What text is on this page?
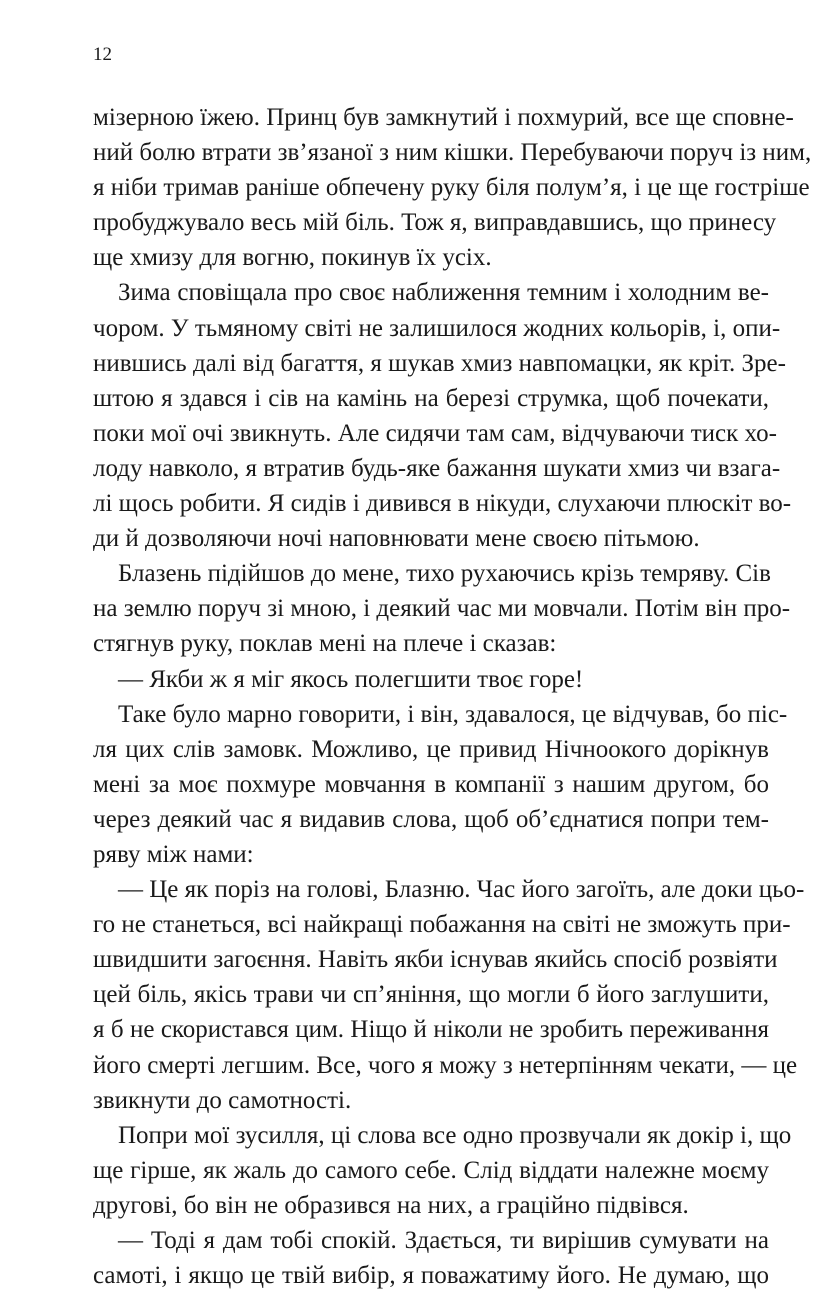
12
мізерною їжею. Принц був замкнутий і похмурий, все ще сповне-
ний болю втрати зв’язаної з ним кішки. Перебуваючи поруч із ним,
я ніби тримав раніше обпечену руку біля полум’я, і це ще гостріше
пробуджувало весь мій біль. Тож я, виправдавшись, що принесу
ще хмизу для вогню, покинув їх усіх.
Зима сповіщала про своє наближення темним і холодним ве-
чором. У тьмяному світі не залишилося жодних кольорів, і, опи-
нившись далі від багаття, я шукав хмиз навпомацки, як кріт. Зре-
штою я здався і сів на камінь на березі струмка, щоб почекати,
поки мої очі звикнуть. Але сидячи там сам, відчуваючи тиск хо-
лоду навколо, я втратив будь-яке бажання шукати хмиз чи взага-
лі щось робити. Я сидів і дивився в нікуди, слухаючи плюскіт во-
ди й дозволяючи ночі наповнювати мене своєю пітьмою.
Блазень підійшов до мене, тихо рухаючись крізь темряву. Сів
на землю поруч зі мною, і деякий час ми мовчали. Потім він про-
стягнув руку, поклав мені на плече і сказав:
— Якби ж я міг якось полегшити твоє горе!
Таке було марно говорити, і він, здавалося, це відчував, бо піс-
ля цих слів замовк. Можливо, це привид Нічноокого дорікнув
мені за моє похмуре мовчання в компанії з нашим другом, бо
через деякий час я видавив слова, щоб об’єднатися попри тем-
ряву між нами:
— Це як поріз на голові, Блазню. Час його загоїть, але доки цьо-
го не станеться, всі найкращі побажання на світі не зможуть при-
швидшити загоєння. Навіть якби існував якийсь спосіб розвіяти
цей біль, якісь трави чи сп’яніння, що могли б його заглушити,
я б не скористався цим. Ніщо й ніколи не зробить переживання
його смерті легшим. Все, чого я можу з нетерпінням чекати, — це
звикнути до самотності.
Попри мої зусилля, ці слова все одно прозвучали як докір і, що
ще гірше, як жаль до самого себе. Слід віддати належне моєму
другові, бо він не образився на них, а граційно підвівся.
— Тоді я дам тобі спокій. Здається, ти вирішив сумувати на
самоті, і якщо це твій вибір, я поважатиму його. Не думаю, що
